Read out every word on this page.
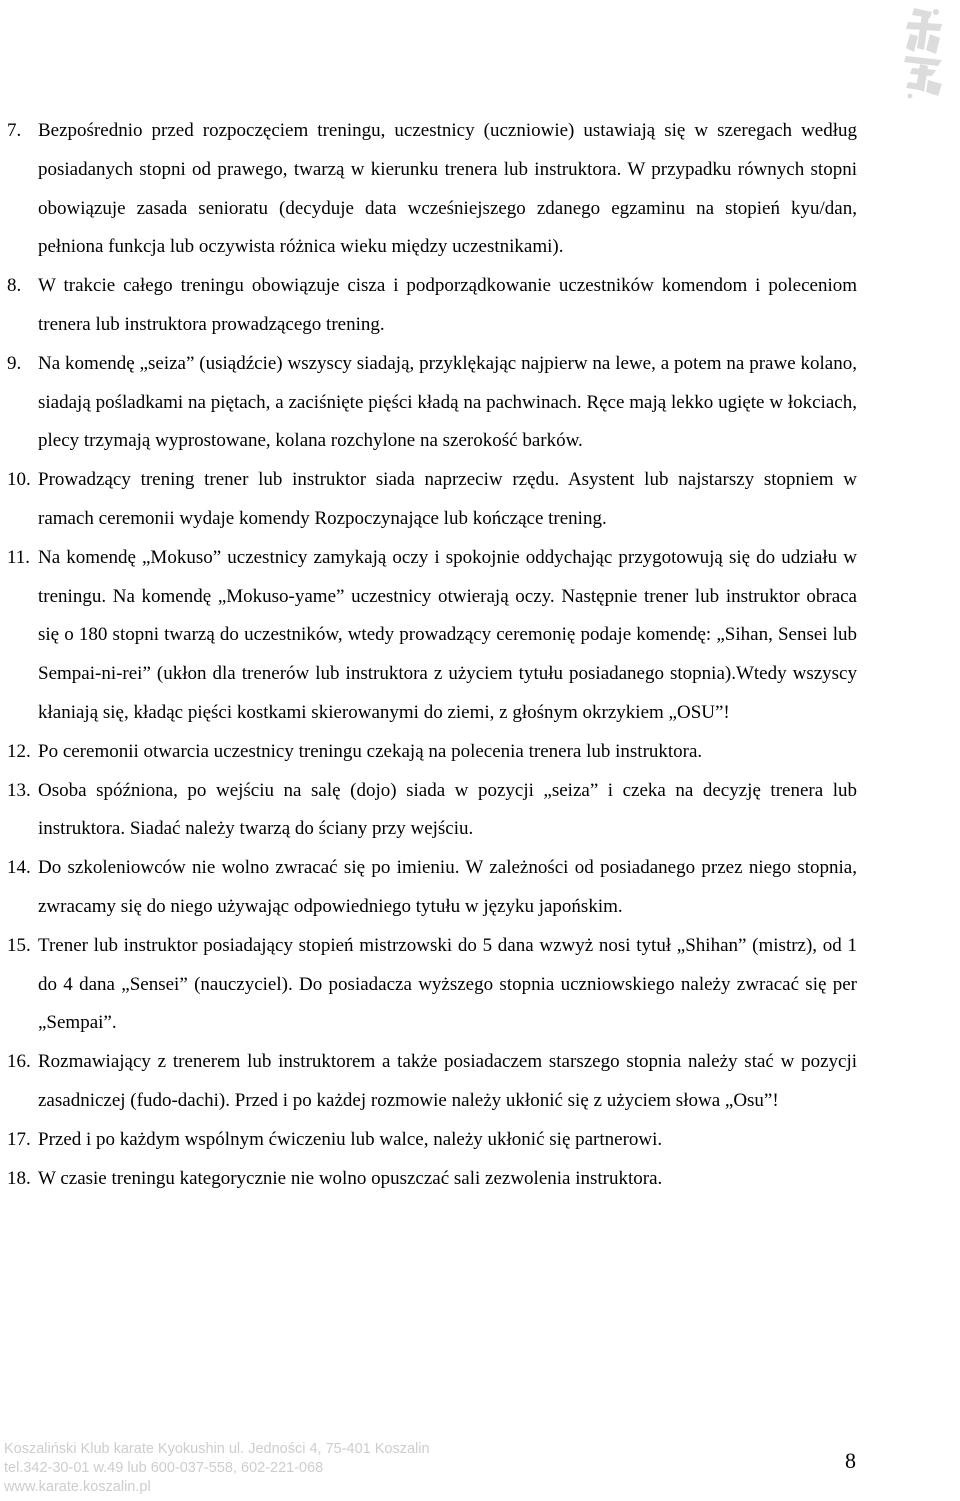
7. Bezpośrednio przed rozpoczęciem treningu, uczestnicy (uczniowie) ustawiają się w szeregach według posiadanych stopni od prawego, twarzą w kierunku trenera lub instruktora. W przypadku równych stopni obowiązuje zasada senioratu (decyduje data wcześniejszego zdanego egzaminu na stopień kyu/dan, pełniona funkcja lub oczywista różnica wieku między uczestnikami).
8. W trakcie całego treningu obowiązuje cisza i podporządkowanie uczestników komendom i poleceniom trenera lub instruktora prowadzącego trening.
9. Na komendę „seiza” (usiądźcie) wszyscy siadają, przyklękając najpierw na lewe, a potem na prawe kolano, siadają pośladkami na piętach, a zaciśnięte pięści kładą na pachwinach. Ręce mają lekko ugięte w łokciach, plecy trzymają wyprostowane, kolana rozchylone na szerokość barków.
10. Prowadzący trening trener lub instruktor siada naprzeciw rzędu. Asystent lub najstarszy stopniem w ramach ceremonii wydaje komendy Rozpoczynające lub kończące trening.
11. Na komendę „Mokuso” uczestnicy zamykają oczy i spokojnie oddychając przygotowują się do udziału w treningu. Na komendę „Mokuso-yame” uczestnicy otwierają oczy. Następnie trener lub instruktor obraca się o 180 stopni twarzą do uczestników, wtedy prowadzący ceremonię podaje komendę: „Sihan, Sensei lub Sempai-ni-rei” (ukłon dla trenerów lub instruktora z użyciem tytułu posiadanego stopnia).Wtedy wszyscy kłaniają się, kładąc pięści kostkami skierowanymi do ziemi, z głośnym okrzykiem „OSU”!
12. Po ceremonii otwarcia uczestnicy treningu czekają na polecenia trenera lub instruktora.
13. Osoba spóźniona, po wejściu na salę (dojo) siada w pozycji „seiza” i czeka na decyzję trenera lub instruktora. Siadać należy twarzą do ściany przy wejściu.
14. Do szkoleniowców nie wolno zwracać się po imieniu. W zależności od posiadanego przez niego stopnia, zwracamy się do niego używając odpowiedniego tytułu w języku japońskim.
15. Trener lub instruktor posiadający stopień mistrzowski do 5 dana wzwyż nosi tytuł „Shihan” (mistrz), od 1 do 4 dana „Sensei” (nauczyciel). Do posiadacza wyższego stopnia uczniowskiego należy zwracać się per „Sempai”.
16. Rozmawiający z trenerem lub instruktorem a także posiadaczem starszego stopnia należy stać w pozycji zasadniczej (fudo-dachi). Przed i po każdej rozmowie należy ukłonić się z użyciem słowa „Osu”!
17. Przed i po każdym wspólnym ćwiczeniu lub walce, należy ukłonić się partnerowi.
18. W czasie treningu kategorycznie nie wolno opuszczać sali zezwolenia instruktora.
Koszaliński Klub karate Kyokushin ul. Jedności 4, 75-401 Koszalin
tel.342-30-01 w.49 lub 600-037-558, 602-221-068
www.karate.koszalin.pl
8
